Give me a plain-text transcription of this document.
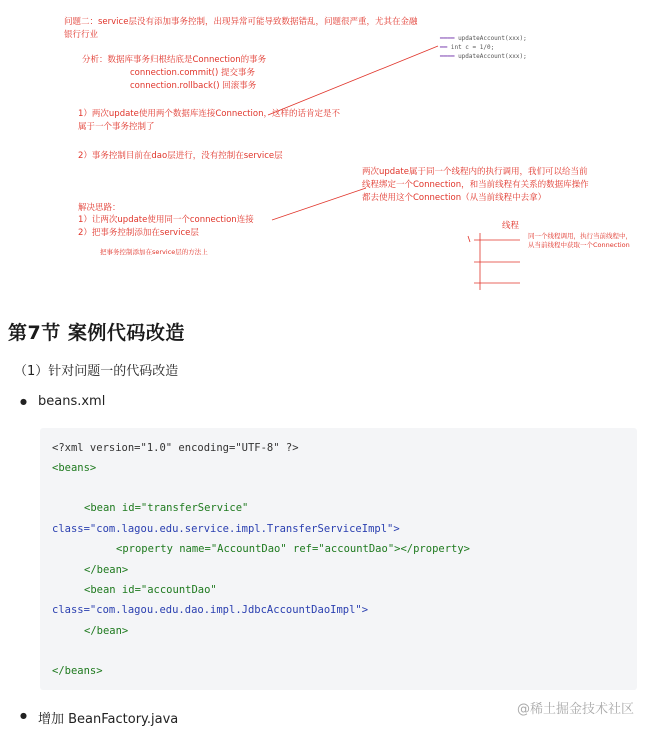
问题二：service层没有添加事务控制，出现异常可能导致数据错乱，问题很严重，尤其在金融银行行业
分析：数据库事务归根结底是Connection的事务
connection.commit() 提交事务
connection.rollback() 回滚事务
1）两次update使用两个数据库连接Connection，这样的话肯定是不属于一个事务控制了
2）事务控制目前在dao层进行，没有控制在service层
解决思路：
1）让两次update使用同一个connection连接
2）把事务控制添加在service层
把事务控制添加在service层的方法上
两次update属于同一个线程内的执行调用，我们可以给当前线程绑定一个Connection，和当前线程有关系的数据库操作都去使用这个Connection（从当前线程中去拿）
线程
同一个线程调用，执行当前线程中，从当前线程中获取一个Connection
━━━━ updateAccount(xxx);
━━ int c = 1/0;
━━━━ updateAccount(xxx);
第7节 案例代码改造
（1）针对问题一的代码改造
● beans.xml
<?xml version="1.0" encoding="UTF-8" ?>
<beans>
<bean id="transferService"
class="com.lagou.edu.service.impl.TransferServiceImpl">
<property name="AccountDao" ref="accountDao"></property>
</bean>
<bean id="accountDao"
class="com.lagou.edu.dao.impl.JdbcAccountDaoImpl">
</bean>
</beans>
● 增加 BeanFactory.java
@稀土掘金技术社区
